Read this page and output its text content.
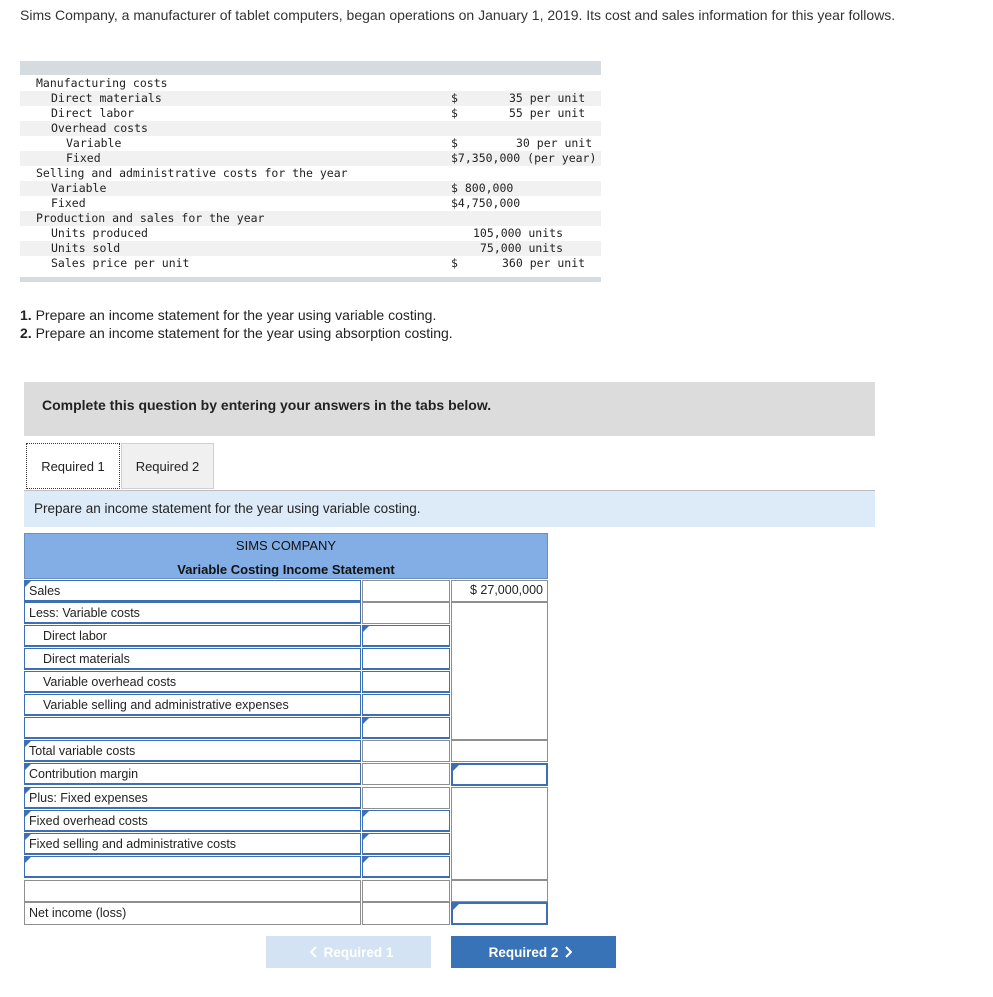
Sims Company, a manufacturer of tablet computers, began operations on January 1, 2019. Its cost and sales information for this year follows.
Manufacturing costs
Direct materials	$	35 per unit
Direct labor	$	55 per unit
Overhead costs
Variable	$	30 per unit
Fixed	$7,350,000 (per year)
Selling and administrative costs for the year
Variable	$ 800,000
Fixed	$4,750,000
Production and sales for the year
Units produced	105,000 units
Units sold	75,000 units
Sales price per unit	$	360 per unit
1. Prepare an income statement for the year using variable costing.
2. Prepare an income statement for the year using absorption costing.
Complete this question by entering your answers in the tabs below.
Required 1	Required 2
Prepare an income statement for the year using variable costing.
SIMS COMPANY
Variable Costing Income Statement
Sales	$ 27,000,000
Less: Variable costs
Direct labor
Direct materials
Variable overhead costs
Variable selling and administrative expenses
Total variable costs
Contribution margin
Plus: Fixed expenses
Fixed overhead costs
Fixed selling and administrative costs
Net income (loss)
Required 1	Required 2
